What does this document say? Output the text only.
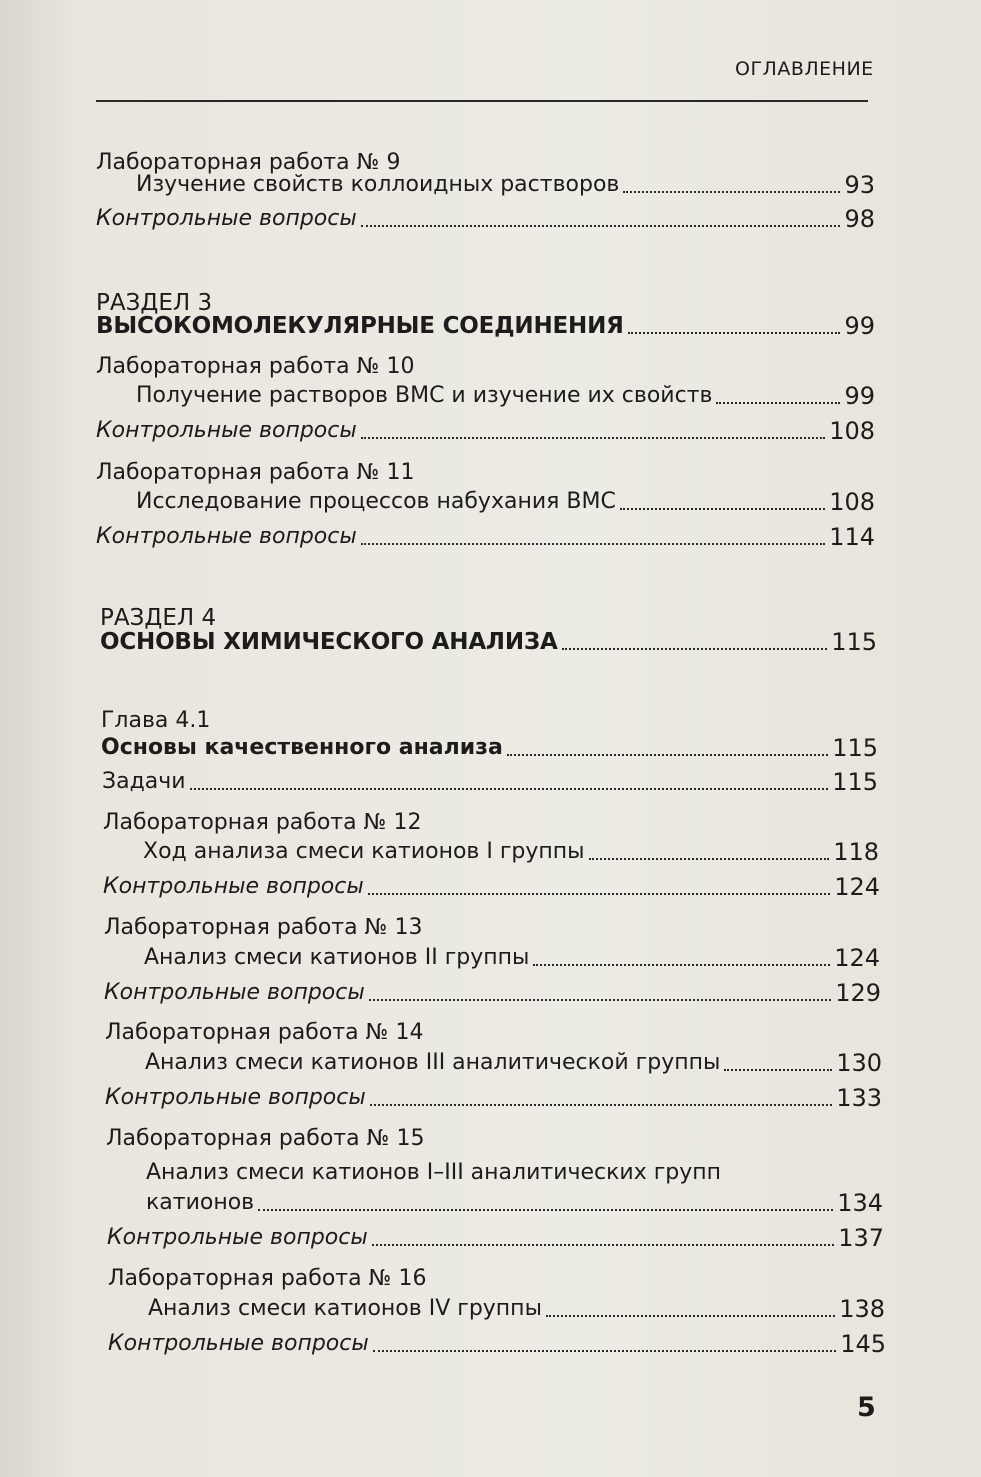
ОГЛАВЛЕНИЕ
Лабораторная работа № 9
Изучение свойств коллоидных растворов	93
Контрольные вопросы	98
РАЗДЕЛ 3
ВЫСОКОМОЛЕКУЛЯРНЫЕ СОЕДИНЕНИЯ	99
Лабораторная работа № 10
Получение растворов ВМС и изучение их свойств	99
Контрольные вопросы	108
Лабораторная работа № 11
Исследование процессов набухания ВМС	108
Контрольные вопросы	114
РАЗДЕЛ 4
ОСНОВЫ ХИМИЧЕСКОГО АНАЛИЗА	115
Глава 4.1
Основы качественного анализа	115
Задачи	115
Лабораторная работа № 12
Ход анализа смеси катионов I группы	118
Контрольные вопросы	124
Лабораторная работа № 13
Анализ смеси катионов II группы	124
Контрольные вопросы	129
Лабораторная работа № 14
Анализ смеси катионов III аналитической группы	130
Контрольные вопросы	133
Лабораторная работа № 15
Анализ смеси катионов I–III аналитических групп
катионов	134
Контрольные вопросы	137
Лабораторная работа № 16
Анализ смеси катионов IV группы	138
Контрольные вопросы	145
5
